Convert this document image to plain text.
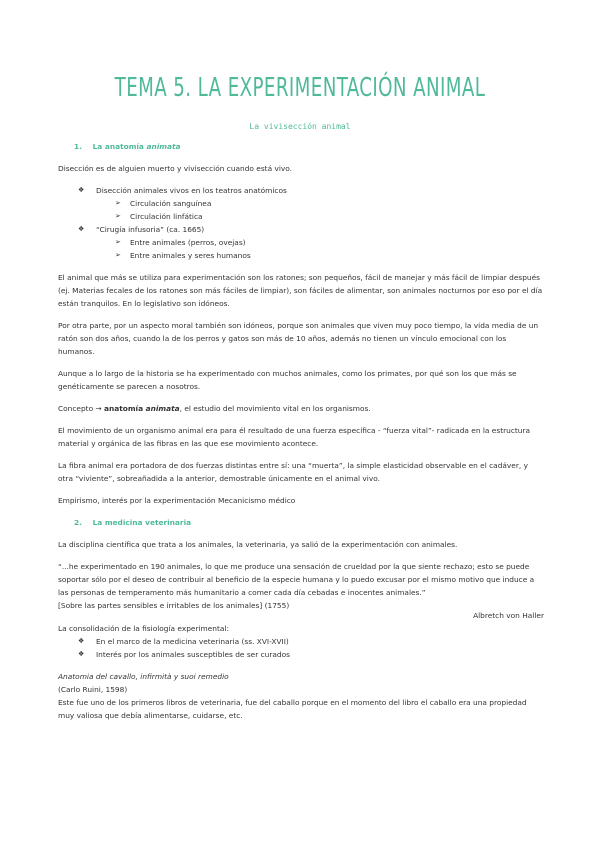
TEMA 5. LA EXPERIMENTACIÓN ANIMAL
La vivisección animal
1. La anatomía animata

Disección es de alguien muerto y vivisección cuando está vivo.

❖ Disección animales vivos en los teatros anatómicos
➢ Circulación sanguínea
➢ Circulación linfática
❖ “Cirugía infusoria” (ca. 1665)
➢ Entre animales (perros, ovejas)
➢ Entre animales y seres humanos

El animal que más se utiliza para experimentación son los ratones; son pequeños, fácil de manejar y más fácil de limpiar después (ej. Materias fecales de los ratones son más fáciles de limpiar), son fáciles de alimentar, son animales nocturnos por eso por el día están tranquilos. En lo legislativo son idóneos.

Por otra parte, por un aspecto moral también son idóneos, porque son animales que viven muy poco tiempo, la vida media de un ratón son dos años, cuando la de los perros y gatos son más de 10 años, además no tienen un vínculo emocional con los humanos.

Aunque a lo largo de la historia se ha experimentado con muchos animales, como los primates, por qué son los que más se genéticamente se parecen a nosotros.

Concepto → anatomía animata, el estudio del movimiento vital en los organismos.

El movimiento de un organismo animal era para él resultado de una fuerza específica - “fuerza vital”- radicada en la estructura material y orgánica de las fibras en las que ese movimiento acontece.

La fibra animal era portadora de dos fuerzas distintas entre sí: una “muerta”, la simple elasticidad observable en el cadáver, y otra “viviente”, sobreañadida a la anterior, demostrable únicamente en el animal vivo.

Empirismo, interés por la experimentación Mecanicismo médico

2. La medicina veterinaria

La disciplina científica que trata a los animales, la veterinaria, ya salió de la experimentación con animales.

“...he experimentado en 190 animales, lo que me produce una sensación de crueldad por la que siente rechazo; esto se puede soportar sólo por el deseo de contribuir al beneficio de la especie humana y lo puedo excusar por el mismo motivo que induce a las personas de temperamento más humanitario a comer cada día cebadas e inocentes animales.”

[Sobre las partes sensibles e irritables de los animales] (1755)

Albretch von Haller

La consolidación de la fisiología experimental:

❖ En el marco de la medicina veterinaria (ss. XVI-XVII)
❖ Interés por los animales susceptibles de ser curados

Anatomia del cavallo, infirmità y suoi remedio

(Carlo Ruini, 1598)

Este fue uno de los primeros libros de veterinaria, fue del caballo porque en el momento del libro el caballo era una propiedad muy valiosa que debía alimentarse, cuidarse, etc.
